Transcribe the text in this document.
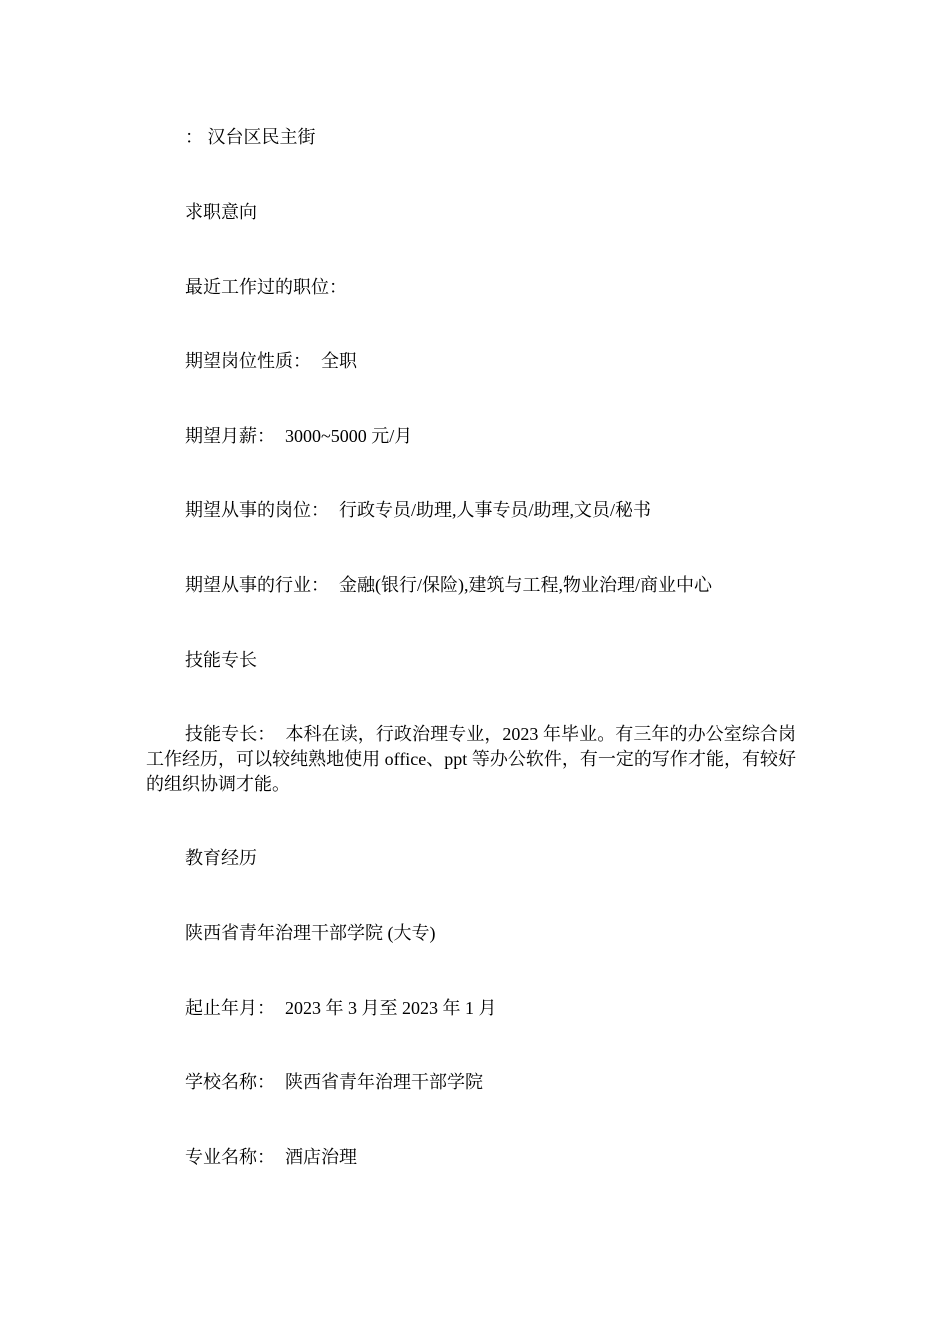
： 汉台区民主街
求职意向
最近工作过的职位：
期望岗位性质： 全职
期望月薪： 3000~5000 元/月
期望从事的岗位： 行政专员/助理,人事专员/助理,文员/秘书
期望从事的行业： 金融(银行/保险),建筑与工程,物业治理/商业中心
技能专长
技能专长： 本科在读，行政治理专业，2023 年毕业。有三年的办公室综合岗工作经历，可以较纯熟地使用 office、ppt 等办公软件，有一定的写作才能，有较好的组织协调才能。
教育经历
陕西省青年治理干部学院 (大专)
起止年月： 2023 年 3 月至 2023 年 1 月
学校名称： 陕西省青年治理干部学院
专业名称： 酒店治理
